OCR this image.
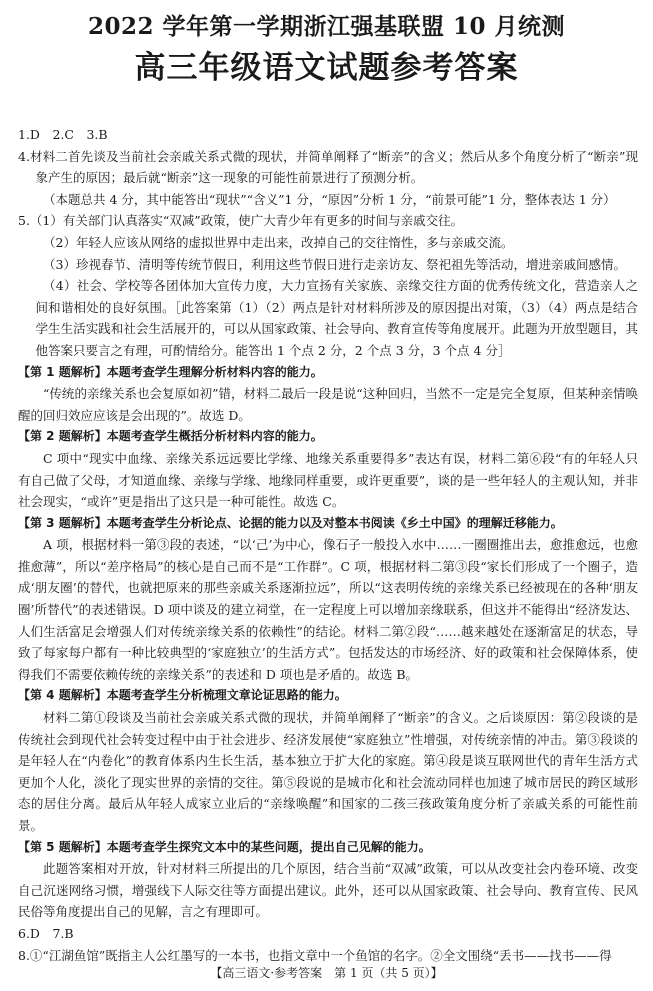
2022 学年第一学期浙江强基联盟 10 月统测
高三年级语文试题参考答案

1.D　2.C　3.B

4.材料二首先谈及当前社会亲戚关系式微的现状，并简单阐释了“断亲”的含义；然后从多个角度分析了“断亲”现象产生的原因；最后就“断亲”这一现象的可能性前景进行了预测分析。

（本题总共 4 分，其中能答出“现状”“含义”1 分，“原因”分析 1 分，“前景可能”1 分，整体表达 1 分）

5.（1）有关部门认真落实“双减”政策，使广大青少年有更多的时间与亲戚交往。

（2）年轻人应该从网络的虚拟世界中走出来，改掉自己的交往惰性，多与亲戚交流。

（3）珍视春节、清明等传统节假日，利用这些节假日进行走亲访友、祭祀祖先等活动，增进亲戚间感情。

（4）社会、学校等各团体加大宣传力度，大力宣扬有关家族、亲缘交往方面的优秀传统文化，营造亲人之间和谐相处的良好氛围。［此答案第（1）（2）两点是针对材料所涉及的原因提出对策，（3）（4）两点是结合学生生活实践和社会生活展开的，可以从国家政策、社会导向、教育宣传等角度展开。此题为开放型题目，其他答案只要言之有理，可酌情给分。能答出 1 个点 2 分，2 个点 3 分，3 个点 4 分］

【第 1 题解析】本题考查学生理解分析材料内容的能力。

“传统的亲缘关系也会复原如初”错，材料二最后一段是说“这种回归，当然不一定是完全复原，但某种亲情唤醒的回归效应应该是会出现的”。故选 D。

【第 2 题解析】本题考查学生概括分析材料内容的能力。

C 项中“现实中血缘、亲缘关系远远要比学缘、地缘关系重要得多”表达有误，材料二第⑥段“有的年轻人只有自己做了父母，才知道血缘、亲缘与学缘、地缘同样重要，或许更重要”，谈的是一些年轻人的主观认知，并非社会现实，“或许”更是指出了这只是一种可能性。故选 C。

【第 3 题解析】本题考查学生分析论点、论据的能力以及对整本书阅读《乡土中国》的理解迁移能力。

A 项，根据材料一第③段的表述，“以‘己’为中心，像石子一般投入水中……一圈圈推出去，愈推愈远，也愈推愈薄”，所以“差序格局”的核心是自己而不是“工作群”。C 项，根据材料二第③段“家长们形成了一个圈子，造成‘朋友圈’的替代，也就把原来的那些亲戚关系逐渐拉远”，所以“这表明传统的亲缘关系已经被现在的各种‘朋友圈’所替代”的表述错误。D 项中谈及的建立祠堂，在一定程度上可以增加亲缘联系，但这并不能得出“经济发达、人们生活富足会增强人们对传统亲缘关系的依赖性”的结论。材料二第②段“……越来越处在逐渐富足的状态，导致了每家每户都有一种比较典型的‘家庭独立’的生活方式”。包括发达的市场经济、好的政策和社会保障体系，使得我们不需要依赖传统的亲缘关系”的表述和 D 项也是矛盾的。故选 B。

【第 4 题解析】本题考查学生分析梳理文章论证思路的能力。

材料二第①段谈及当前社会亲戚关系式微的现状，并简单阐释了“断亲”的含义。之后谈原因：第②段谈的是传统社会到现代社会转变过程中由于社会进步、经济发展使“家庭独立”性增强，对传统亲情的冲击。第③段谈的是年轻人在“内卷化”的教育体系内生长生活，基本独立于扩大化的家庭。第④段是谈互联网世代的青年生活方式更加个人化，淡化了现实世界的亲情的交往。第⑤段说的是城市化和社会流动同样也加速了城市居民的跨区域形态的居住分离。最后从年轻人成家立业后的“亲缘唤醒”和国家的二孩三孩政策角度分析了亲戚关系的可能性前景。

【第 5 题解析】本题考查学生探究文本中的某些问题，提出自己见解的能力。

此题答案相对开放，针对材料三所提出的几个原因，结合当前“双减”政策，可以从改变社会内卷环境、改变自己沉迷网络习惯，增强线下人际交往等方面提出建议。此外，还可以从国家政策、社会导向、教育宣传、民风民俗等角度提出自己的见解，言之有理即可。

6.D　7.B

8.①“江湖鱼馆”既指主人公红墨写的一本书，也指文章中一个鱼馆的名字。②全文围绕“丢书——找书——得

【高三语文·参考答案　第 1 页（共 5 页）】
